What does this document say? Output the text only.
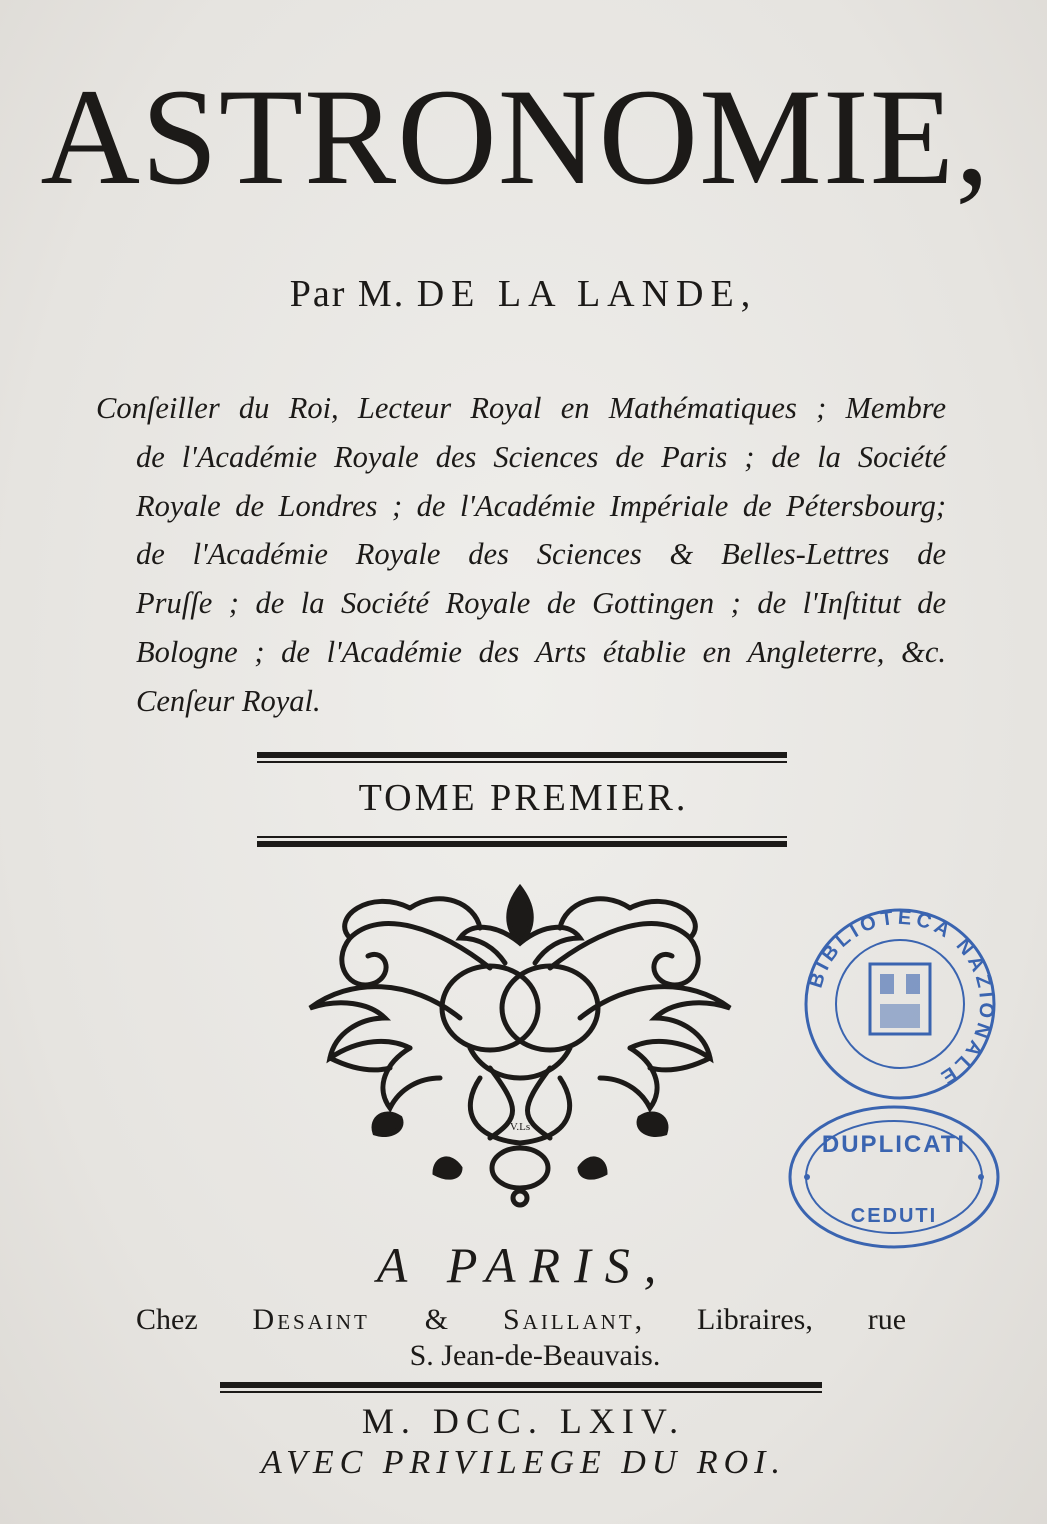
ASTRONOMIE,
Par M. DE LA LANDE,
Conſeiller du Roi, Lecteur Royal en Mathématiques ; Membre
de l'Académie Royale des Sciences de Paris ; de la Société
Royale de Londres ; de l'Académie Impériale de Pétersbourg;
de l'Académie Royale des Sciences & Belles-Lettres de
Pruſſe ; de la Société Royale de Gottingen ; de l'Inſtitut de
Bologne ; de l'Académie des Arts établie en Angleterre, &c.
Cenſeur Royal.
TOME PREMIER.
V.Ls
BIBLIOTECA NAZIONALE
DUPLICATI
CEDUTI
A PARIS,
Chez Desaint & Saillant, Libraires, rue
S. Jean-de-Beauvais.
M. DCC. LXIV.
AVEC PRIVILEGE DU ROI.
